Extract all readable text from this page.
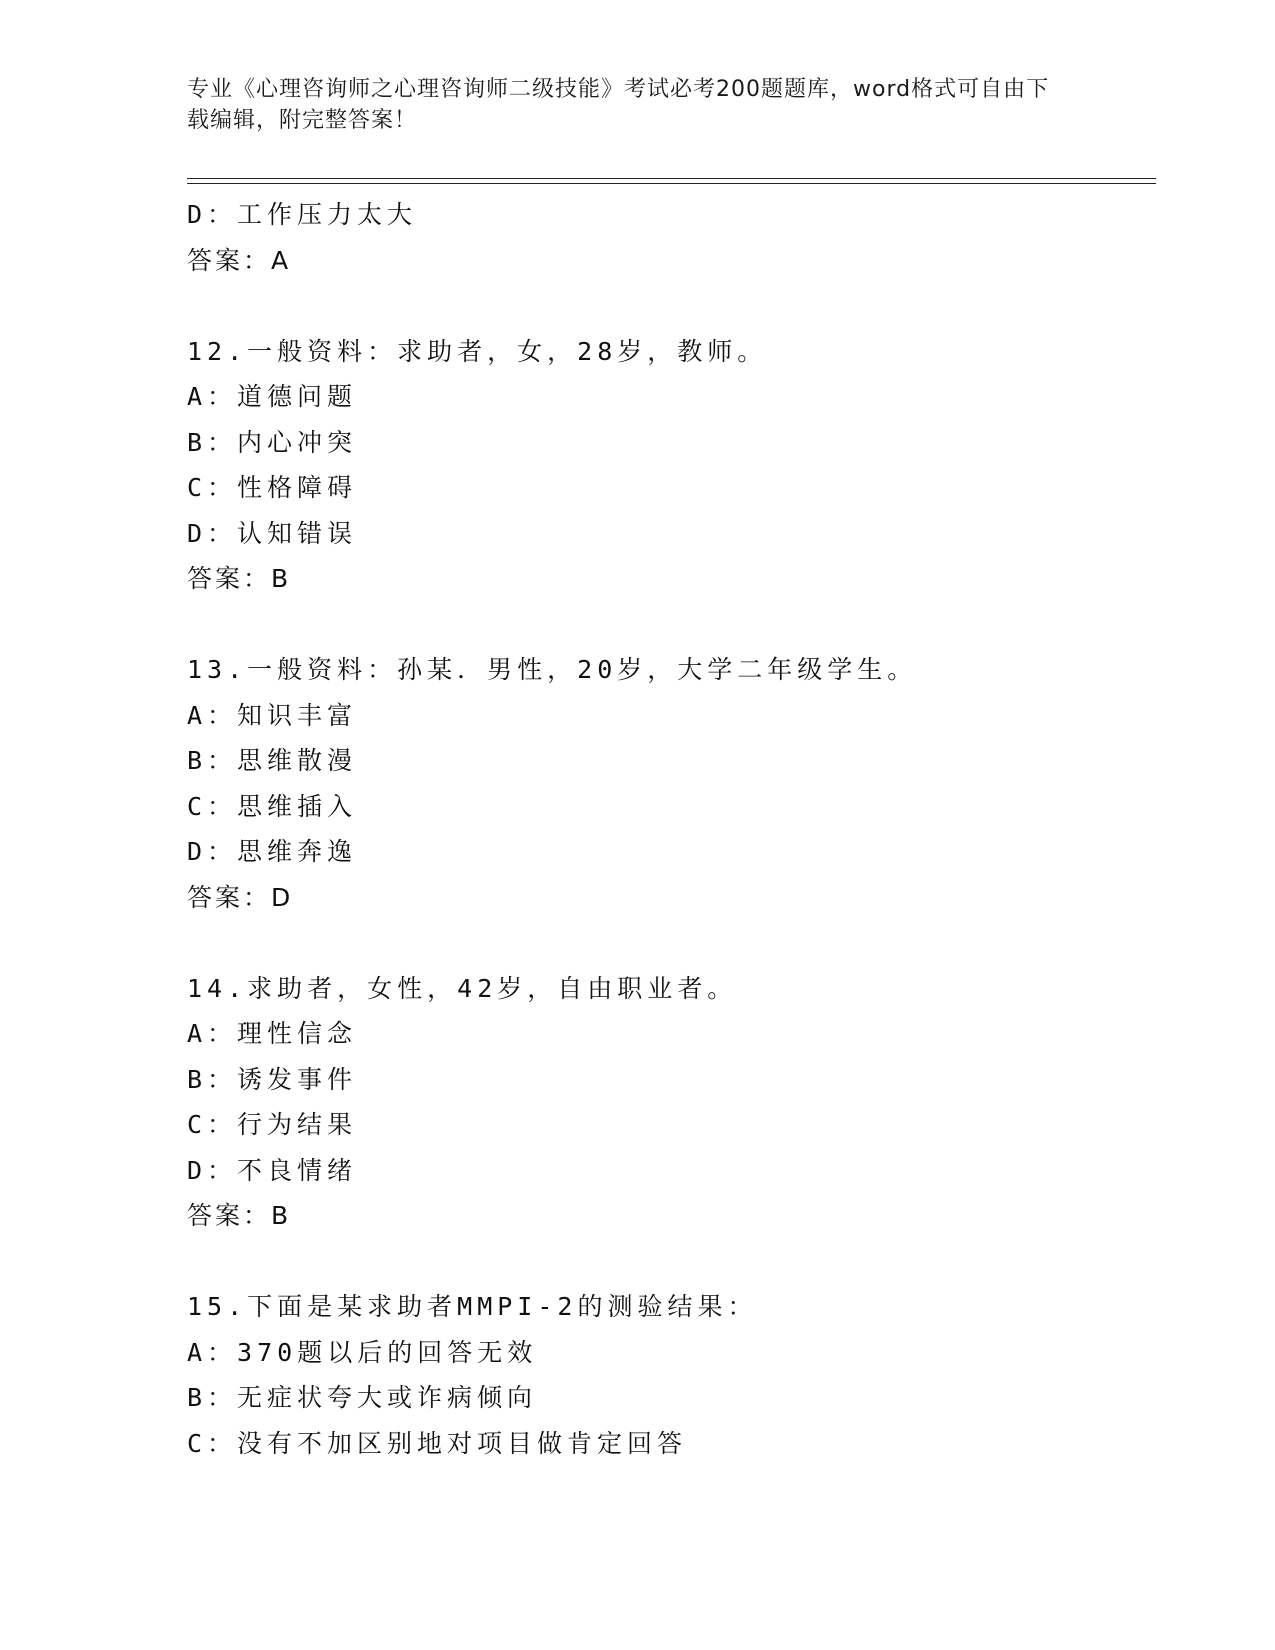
专业《心理咨询师之心理咨询师二级技能》考试必考200题题库，word格式可自由下载编辑，附完整答案！
D：工作压力太大
答案：A
12.一般资料：求助者，女，28岁，教师。
A：道德问题
B：内心冲突
C：性格障碍
D：认知错误
答案：B
13.一般资料：孙某．男性，20岁，大学二年级学生。
A：知识丰富
B：思维散漫
C：思维插入
D：思维奔逸
答案：D
14.求助者，女性，42岁，自由职业者。
A：理性信念
B：诱发事件
C：行为结果
D：不良情绪
答案：B
15.下面是某求助者MMPI-2的测验结果：
A：370题以后的回答无效
B：无症状夸大或诈病倾向
C：没有不加区别地对项目做肯定回答
